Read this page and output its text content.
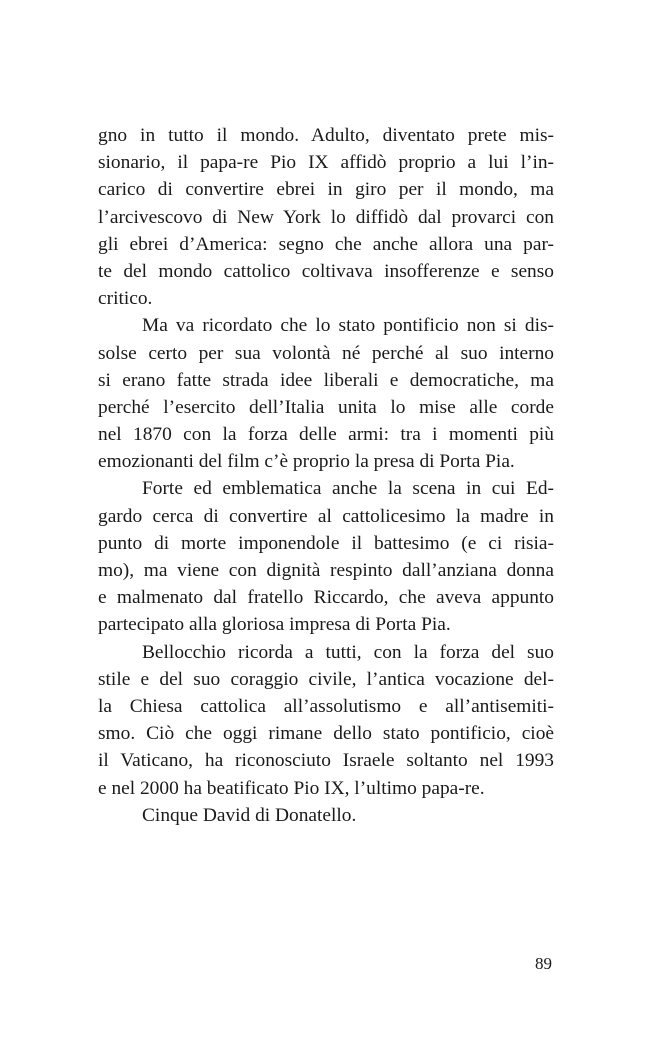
gno in tutto il mondo. Adulto, diventato prete mis-
sionario, il papa-re Pio IX affidò proprio a lui l’in-
carico di convertire ebrei in giro per il mondo, ma
l’arcivescovo di New York lo diffidò dal provarci con
gli ebrei d’America: segno che anche allora una par-
te del mondo cattolico coltivava insofferenze e senso
critico.
Ma va ricordato che lo stato pontificio non si dis-
solse certo per sua volontà né perché al suo interno
si erano fatte strada idee liberali e democratiche, ma
perché l’esercito dell’Italia unita lo mise alle corde
nel 1870 con la forza delle armi: tra i momenti più
emozionanti del film c’è proprio la presa di Porta Pia.
Forte ed emblematica anche la scena in cui Ed-
gardo cerca di convertire al cattolicesimo la madre in
punto di morte imponendole il battesimo (e ci risia-
mo), ma viene con dignità respinto dall’anziana donna
e malmenato dal fratello Riccardo, che aveva appunto
partecipato alla gloriosa impresa di Porta Pia.
Bellocchio ricorda a tutti, con la forza del suo
stile e del suo coraggio civile, l’antica vocazione del-
la Chiesa cattolica all’assolutismo e all’antisemiti-
smo. Ciò che oggi rimane dello stato pontificio, cioè
il Vaticano, ha riconosciuto Israele soltanto nel 1993
e nel 2000 ha beatificato Pio IX, l’ultimo papa-re.
Cinque David di Donatello.
89
